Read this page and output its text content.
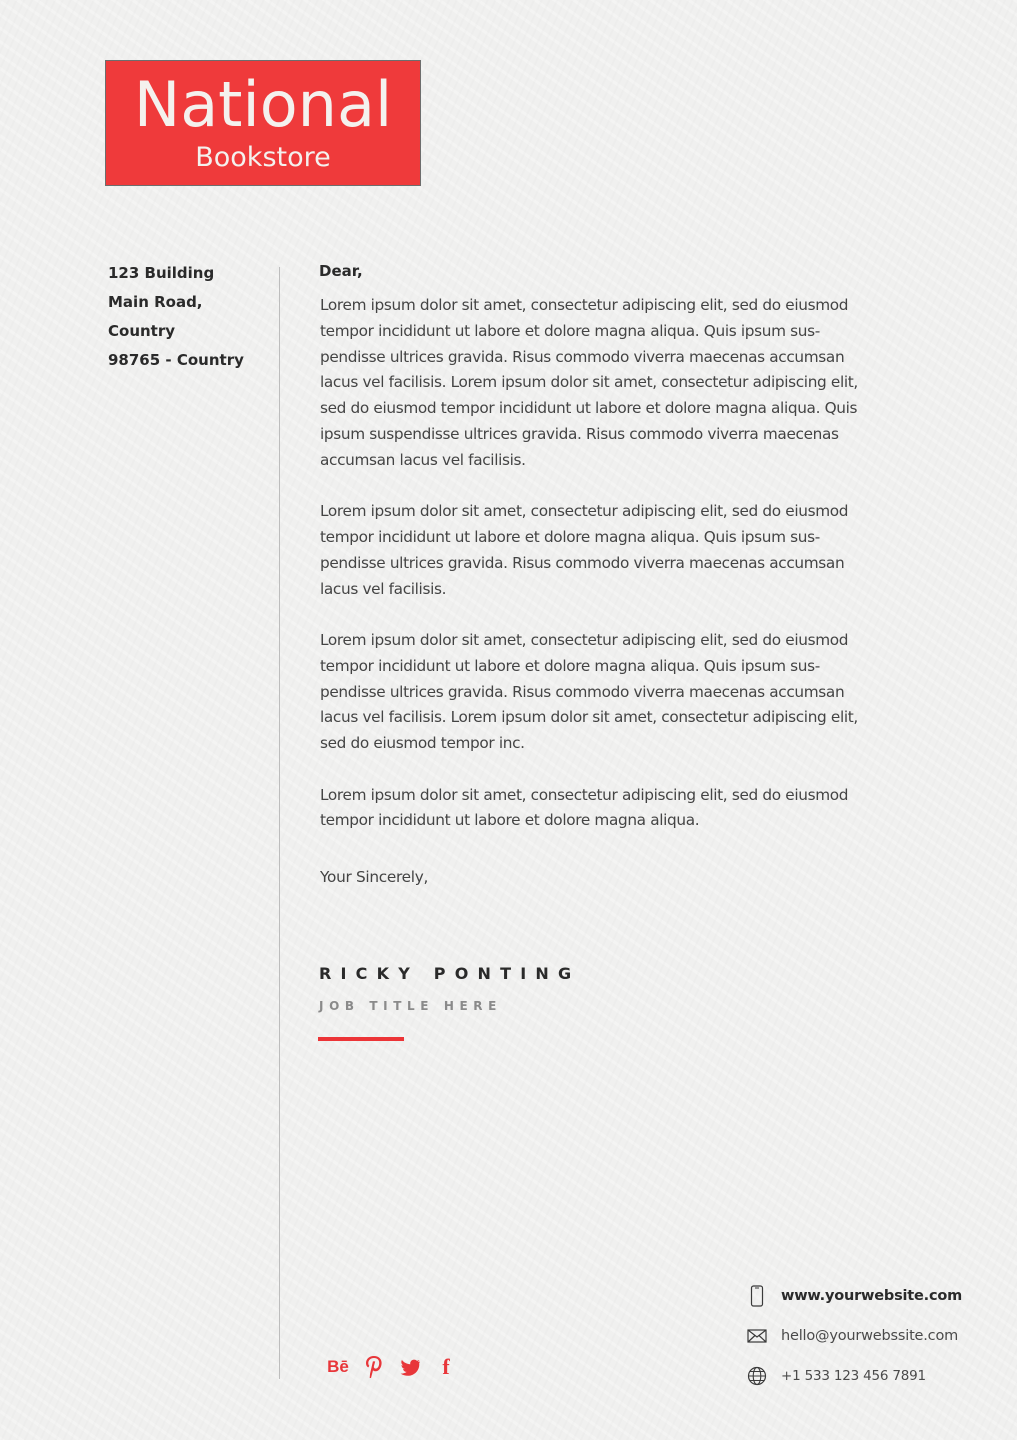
National
Bookstore
123 Building
Main Road,
Country
98765 - Country
Dear,

Lorem ipsum dolor sit amet, consectetur adipiscing elit, sed do eiusmod
tempor incididunt ut labore et dolore magna aliqua. Quis ipsum sus-
pendisse ultrices gravida. Risus commodo viverra maecenas accumsan
lacus vel facilisis. Lorem ipsum dolor sit amet, consectetur adipiscing elit,
sed do eiusmod tempor incididunt ut labore et dolore magna aliqua. Quis
ipsum suspendisse ultrices gravida. Risus commodo viverra maecenas
accumsan lacus vel facilisis.

Lorem ipsum dolor sit amet, consectetur adipiscing elit, sed do eiusmod
tempor incididunt ut labore et dolore magna aliqua. Quis ipsum sus-
pendisse ultrices gravida. Risus commodo viverra maecenas accumsan
lacus vel facilisis.

Lorem ipsum dolor sit amet, consectetur adipiscing elit, sed do eiusmod
tempor incididunt ut labore et dolore magna aliqua. Quis ipsum sus-
pendisse ultrices gravida. Risus commodo viverra maecenas accumsan
lacus vel facilisis. Lorem ipsum dolor sit amet, consectetur adipiscing elit,
sed do eiusmod tempor inc.

Lorem ipsum dolor sit amet, consectetur adipiscing elit, sed do eiusmod
tempor incididunt ut labore et dolore magna aliqua.

Your Sincerely,
RICKY PONTING
JOB TITLE HERE
Bē	f
www.yourwebsite.com
hello@yourwebssite.com
+1 533 123 456 7891
